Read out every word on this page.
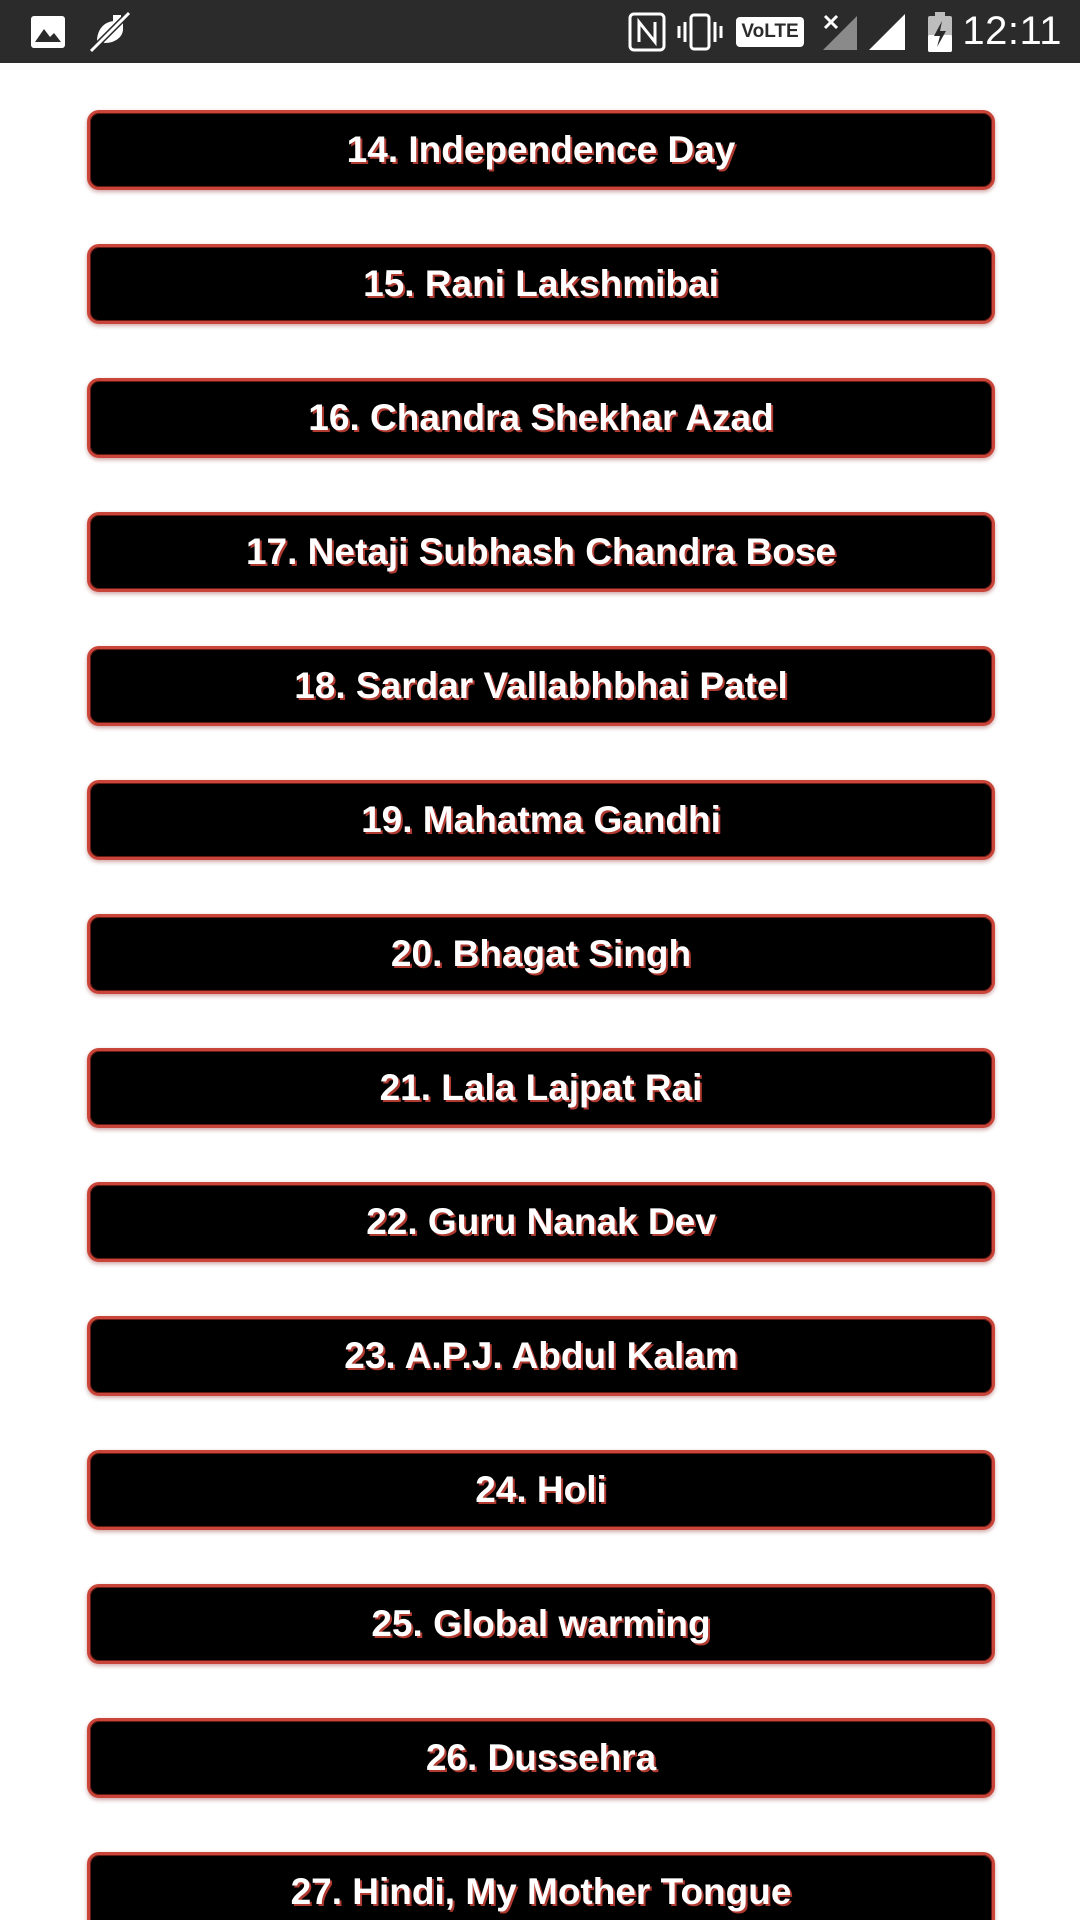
VoLTE	12:11
14. Independence Day
15. Rani Lakshmibai
16. Chandra Shekhar Azad
17. Netaji Subhash Chandra Bose
18. Sardar Vallabhbhai Patel
19. Mahatma Gandhi
20. Bhagat Singh
21. Lala Lajpat Rai
22. Guru Nanak Dev
23. A.P.J. Abdul Kalam
24. Holi
25. Global warming
26. Dussehra
27. Hindi, My Mother Tongue
